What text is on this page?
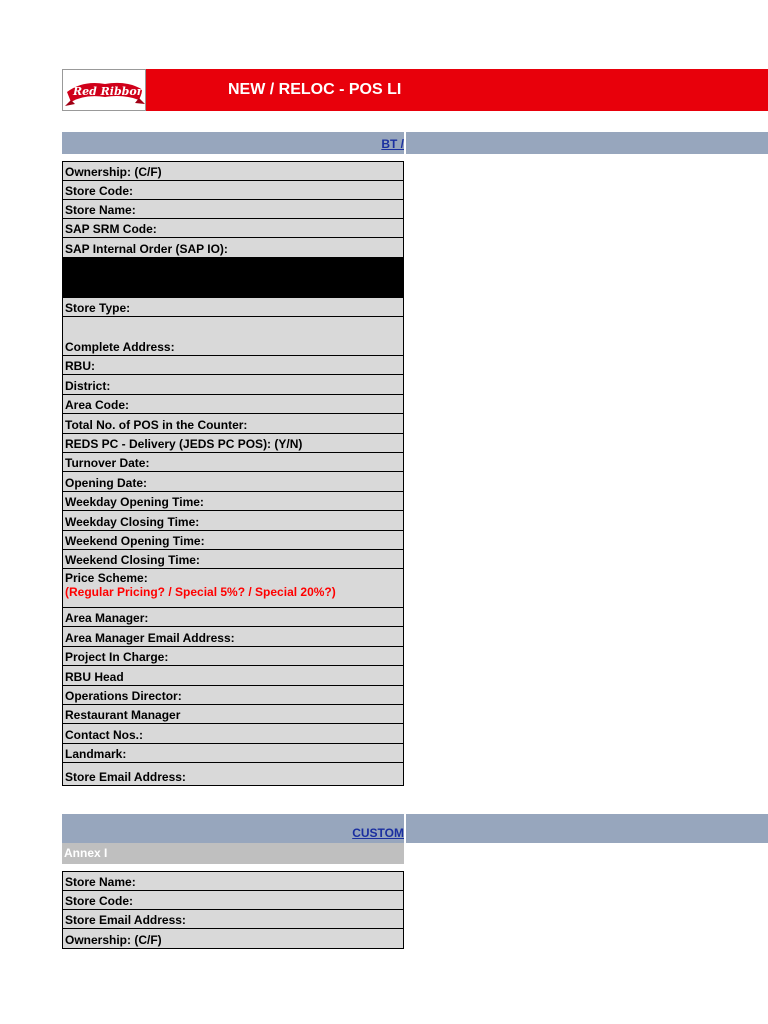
Red Ribbon	NEW / RELOC - POS LI
BT /
Ownership: (C/F)
Store Code:
Store Name:
SAP SRM Code:
SAP Internal Order (SAP IO):
Store Type:
Complete Address:
RBU:
District:
Area Code:
Total No. of POS in the Counter:
REDS PC - Delivery (JEDS PC POS): (Y/N)
Turnover Date:
Opening Date:
Weekday Opening Time:
Weekday Closing Time:
Weekend Opening Time:
Weekend Closing Time:
Price Scheme:
(Regular Pricing? / Special 5%? / Special 20%?)
Area Manager:
Area Manager Email Address:
Project In Charge:
RBU Head
Operations Director:
Restaurant Manager
Contact Nos.:
Landmark:
Store Email Address:
CUSTOM
Annex I
Store Name:
Store Code:
Store Email Address:
Ownership: (C/F)
